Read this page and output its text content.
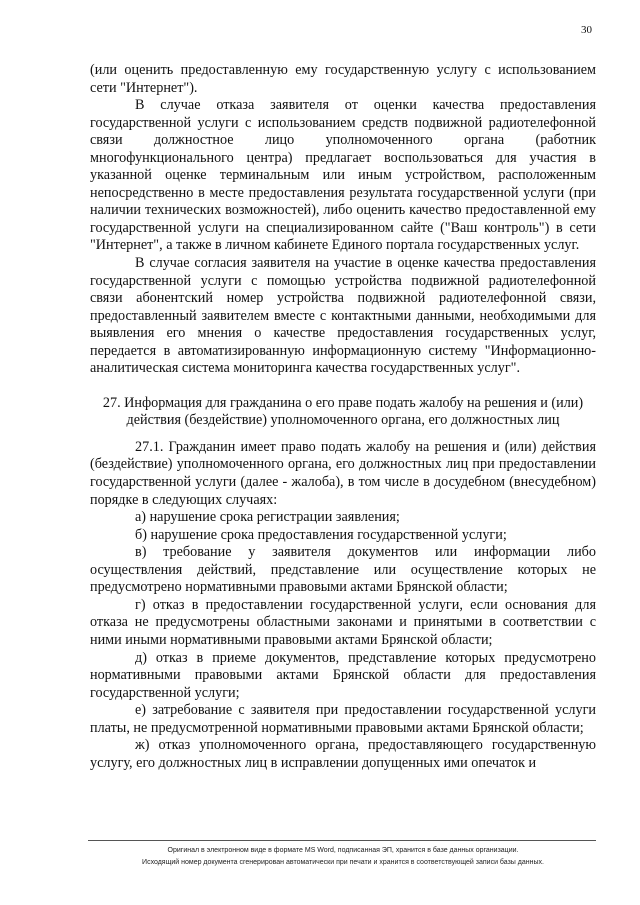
30

(или оценить предоставленную ему государственную услугу с использованием сети "Интернет").

В случае отказа заявителя от оценки качества предоставления государственной услуги с использованием средств подвижной радиотелефонной связи должностное лицо уполномоченного органа (работник многофункционального центра) предлагает воспользоваться для участия в указанной оценке терминальным или иным устройством, расположенным непосредственно в месте предоставления результата государственной услуги (при наличии технических возможностей), либо оценить качество предоставленной ему государственной услуги на специализированном сайте ("Ваш контроль") в сети "Интернет", а также в личном кабинете Единого портала государственных услуг.

В случае согласия заявителя на участие в оценке качества предоставления государственной услуги с помощью устройства подвижной радиотелефонной связи абонентский номер устройства подвижной радиотелефонной связи, предоставленный заявителем вместе с контактными данными, необходимыми для выявления его мнения о качестве предоставления государственных услуг, передается в автоматизированную информационную систему "Информационно-аналитическая система мониторинга качества государственных услуг".

27. Информация для гражданина о его праве подать жалобу на решения и (или) действия (бездействие) уполномоченного органа, его должностных лиц

27.1. Гражданин имеет право подать жалобу на решения и (или) действия (бездействие) уполномоченного органа, его должностных лиц при предоставлении государственной услуги (далее - жалоба), в том числе в досудебном (внесудебном) порядке в следующих случаях:

а) нарушение срока регистрации заявления;

б) нарушение срока предоставления государственной услуги;

в) требование у заявителя документов или информации либо осуществления действий, представление или осуществление которых не предусмотрено нормативными правовыми актами Брянской области;

г) отказ в предоставлении государственной услуги, если основания для отказа не предусмотрены областными законами и принятыми в соответствии с ними иными нормативными правовыми актами Брянской области;

д) отказ в приеме документов, представление которых предусмотрено нормативными правовыми актами Брянской области для предоставления государственной услуги;

е) затребование с заявителя при предоставлении государственной услуги платы, не предусмотренной нормативными правовыми актами Брянской области;

ж) отказ уполномоченного органа, предоставляющего государственную услугу, его должностных лиц в исправлении допущенных ими опечаток и

Оригинал в электронном виде в формате MS Word, подписанная ЭП, хранится в базе данных организации.
Исходящий номер документа сгенерирован автоматически при печати и хранится в соответствующей записи базы данных.
